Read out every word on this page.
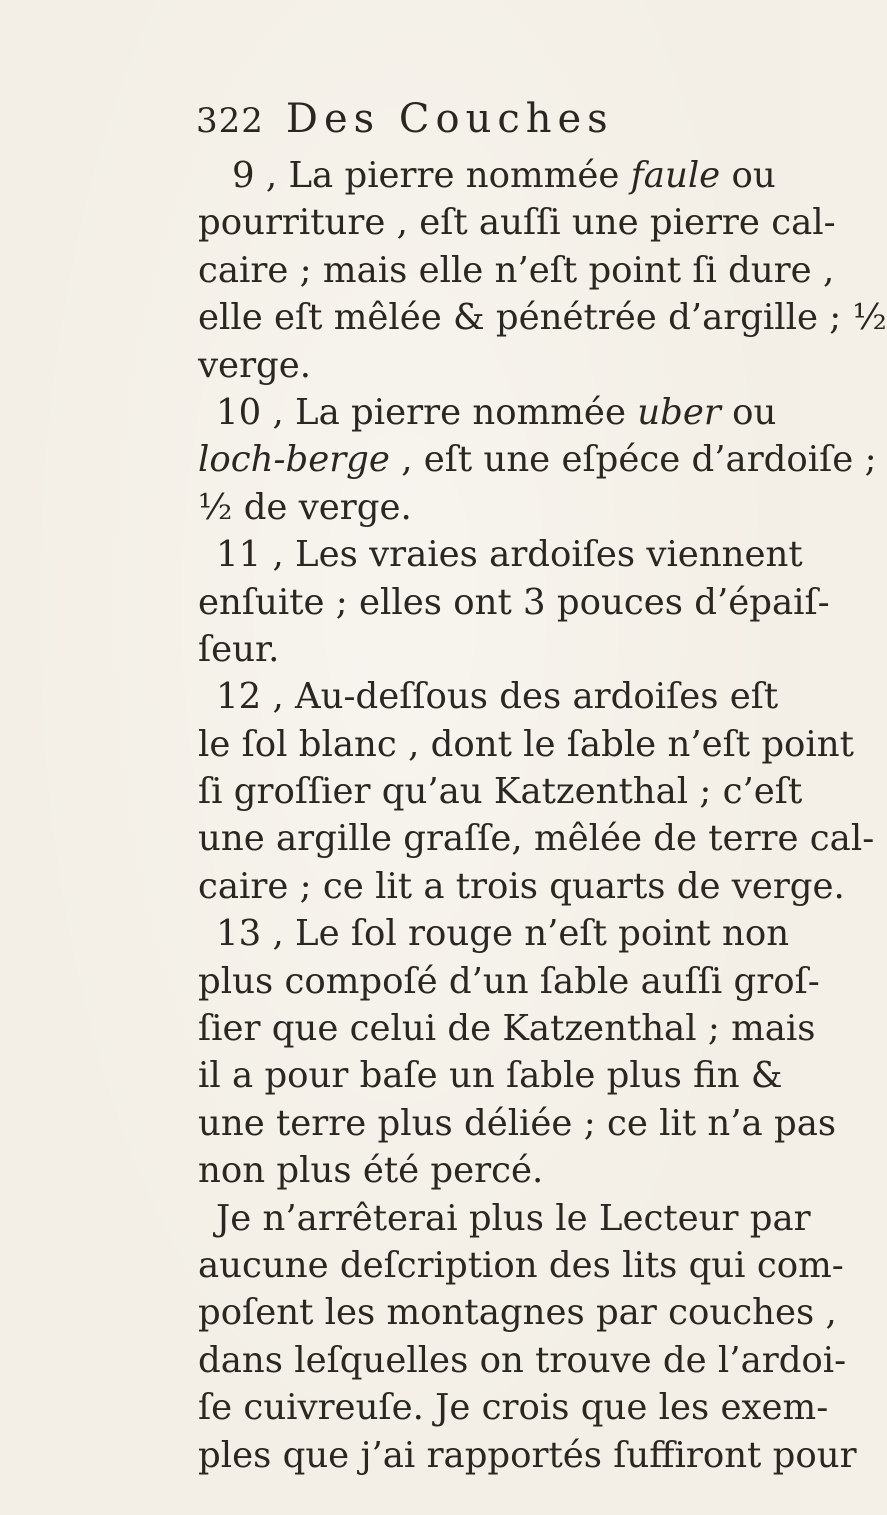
322 Des Couches
9 , La pierre nommée faule ou
pourriture , eſt auſſi une pierre cal-
caire ; mais elle n’eſt point ſi dure ,
elle eſt mêlée & pénétrée d’argille ; ½
verge.
10 , La pierre nommée uber ou
loch-berge , eſt une eſpéce d’ardoiſe ;
½ de verge.
11 , Les vraies ardoiſes viennent
enſuite ; elles ont 3 pouces d’épaiſ-
ſeur.
12 , Au-deſſous des ardoiſes eſt
le ſol blanc , dont le ſable n’eſt point
ſi groſſier qu’au Katzenthal ; c’eſt
une argille graſſe, mêlée de terre cal-
caire ; ce lit a trois quarts de verge.
13 , Le ſol rouge n’eſt point non
plus compoſé d’un ſable auſſi groſ-
ſier que celui de Katzenthal ; mais
il a pour baſe un ſable plus fin &
une terre plus déliée ; ce lit n’a pas
non plus été percé.
Je n’arrêterai plus le Lecteur par
aucune deſcription des lits qui com-
poſent les montagnes par couches ,
dans leſquelles on trouve de l’ardoi-
ſe cuivreuſe. Je crois que les exem-
ples que j’ai rapportés ſuffiront pour
